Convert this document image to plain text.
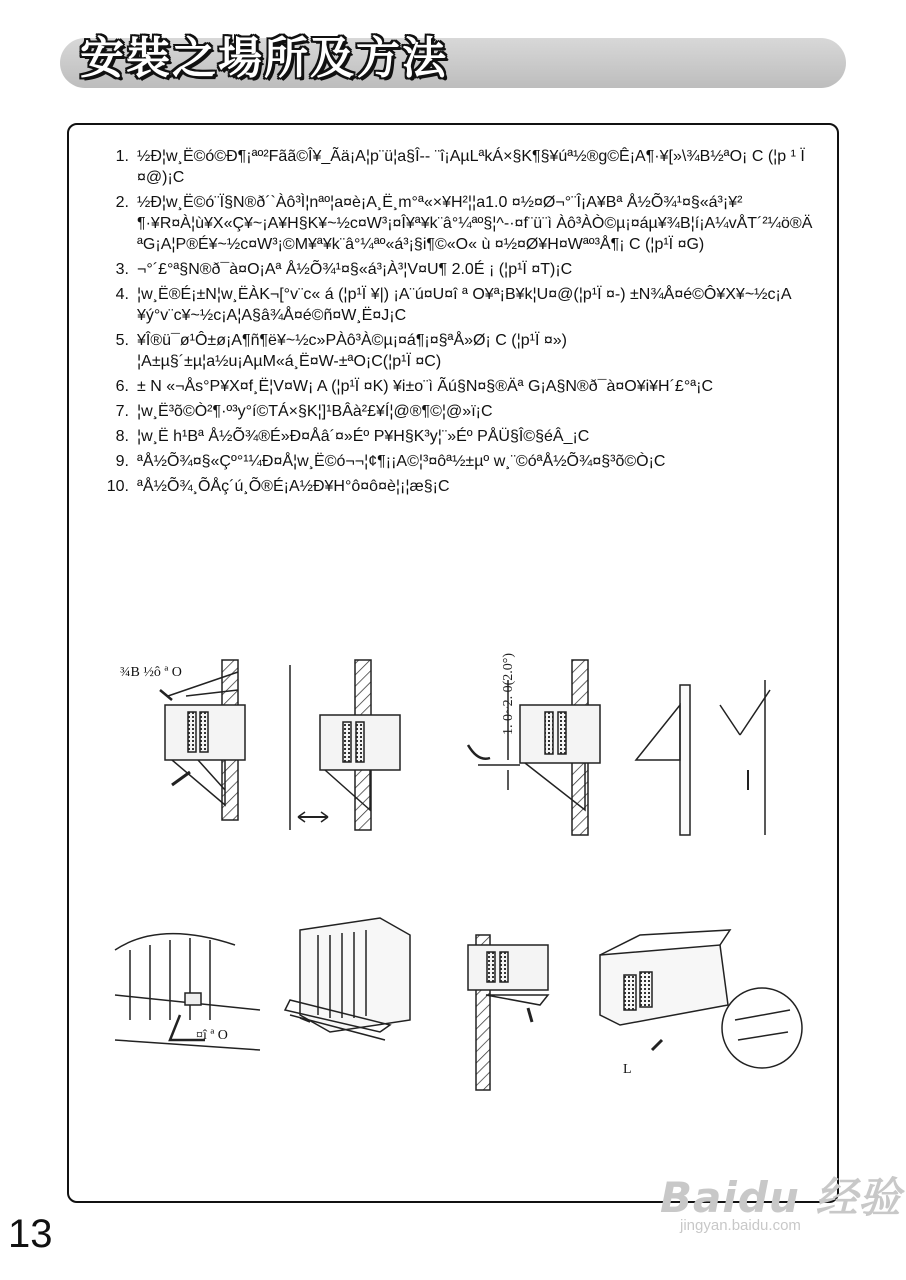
安裝之場所及方法
1. ½Ð¦w¸Ë©ó©Ð¶¡ªº²Fãã©Î¥_Ãä¡A¦p¨ü¦a§Î-- ¨î¡AµLªkÁ×§K¶§¥úª½®g©Ê¡A¶·¥[»\¾B½ªO¡ C (¦p ¹ Ï ¤@)¡C
2. ½Ð¦w¸Ë©ó¨Ï§N®ð´`Àô³Ì¦nªº¦a¤è¡A¸Ë¸m°ª«×¥H²¦¦a1.0 ¤½¤Ø¬°¨Î¡A¥Bª Å½Õ¾¹¤§«á³¡¥²
¶·¥R¤À¦ù¥X«Ç¥~¡A¥H§K¥~½c¤W³¡¤Î¥ª¥k¨â°¼ªº§¦^-·¤f¨ü¨ì Àô³ÀÒ©µ¡¤áµ¥¾B¦í¡A¼vÅT´²¼ö®Ä
ªG¡A¦P®É¥~½c¤W³¡©M¥ª¥k¨â°¼ªº«á³¡§i¶©«O« ù ¤½¤Ø¥H¤Wªº³Å¶¡ C (¦p¹Ï ¤G)
3. ¬°´£°ª§N®ð¯à¤O¡Aª Å½Õ¾¹¤§«á³¡À³¦V¤U¶ 2.0É ¡ (¦p¹Ï ¤T)¡C
4. ¦w¸Ë®É¡±N¦w¸ËÀK¬[°v¨c« á (¦p¹Ï ¥|) ¡A¨ú¤U¤î ª O¥ª¡B¥k¦U¤@(¦p¹Ï ¤-) ±N¾Å¤é©Ô¥X¥~½c¡A
¥ý°v¨c¥~½c¡A¦A§â¾Å¤é©ñ¤W¸Ë¤J¡C
5. ¥Î®ü¯ø¹Ô±ø¡A¶ñ¶ë¥~½c»PÀô³À©µ¡¤á¶¡¤§ªÅ»Ø¡ C (¦p¹Ï ¤»)
¦A±µ§´±µ¦a½u¡AµM«á¸Ë¤W-±ªO¡C(¦p¹Ï ¤C)
6. ± N «¬Ås°P¥X¤f¸Ë¦V¤W¡ A (¦p¹Ï ¤K) ¥i±o¨ì Ãú§N¤§®Äª G¡A§N®ð¯à¤O¥i¥H´£°ª¡C
7. ¦w¸Ë³õ©Ò²¶·º³y°í©TÁ×§K¦]¹BÂà²£¥Í¦@®¶©¦@»ï¡C
8. ¦w¸Ë h¹Bª Å½Õ¾®É»Ð¤Åâ´¤»Éº P¥H§K³y¦¨»Éº PÅÜ§Î©§éÂ_¡C
9. ªÅ½Õ¾¤§«Çº°¹¼Ð¤Å¦w¸Ë©ó¬¬¦¢¶¡¡A©¦³¤ôª½±µº w¸¨©óªÅ½Õ¾¤§³õ©Ò¡C
10. ªÅ½Õ¾¸ÕÅç´ú¸Õ®É¡A½Ð¥H°ô¤ô¤è¦¡¦æ§¡C
1. 0~2. 0(2.0°)
¾B ½ô ª O
¤î ª O
L
13
Baidu 经验
jingyan.baidu.com
